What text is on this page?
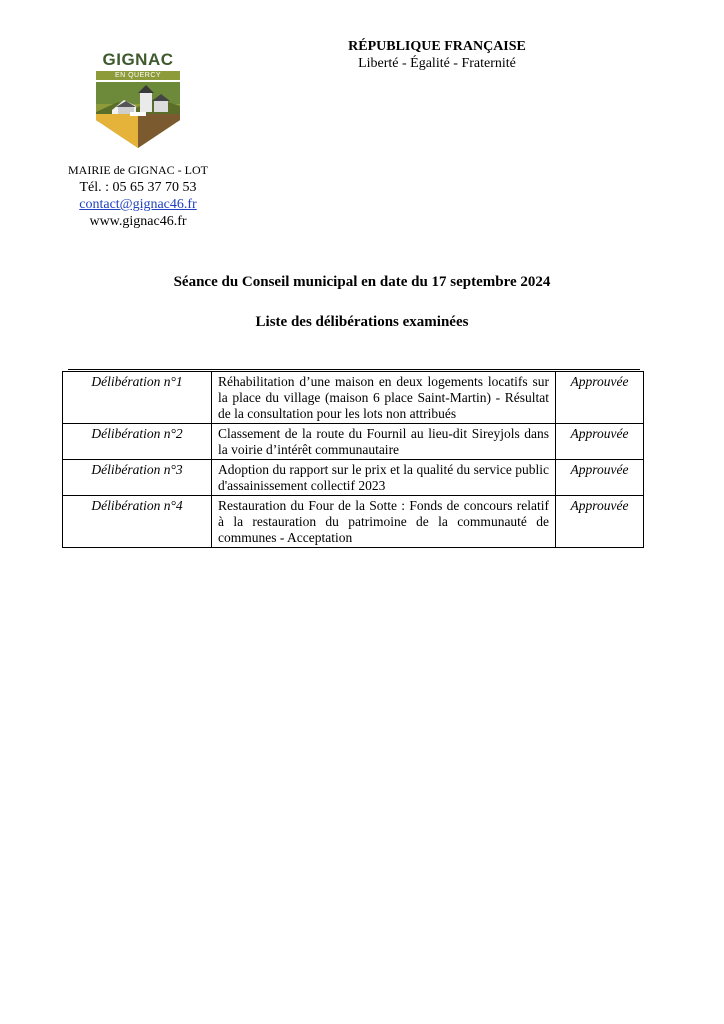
GIGNAC
EN QUERCY
MAIRIE de GIGNAC - LOT
Tél. : 05 65 37 70 53
contact@gignac46.fr
www.gignac46.fr
RÉPUBLIQUE FRANÇAISE
Liberté - Égalité - Fraternité
Séance du Conseil municipal en date du 17 septembre 2024
Liste des délibérations examinées
Délibération n°1	Réhabilitation d’une maison en deux logements locatifs sur la place du village (maison 6 place Saint-Martin) - Résultat de la consultation pour les lots non attribués	Approuvée
Délibération n°2	Classement de la route du Fournil au lieu-dit Sireyjols dans la voirie d’intérêt communautaire	Approuvée
Délibération n°3	Adoption du rapport sur le prix et la qualité du service public d'assainissement collectif 2023	Approuvée
Délibération n°4	Restauration du Four de la Sotte : Fonds de concours relatif à la restauration du patrimoine de la communauté de communes - Acceptation	Approuvée
